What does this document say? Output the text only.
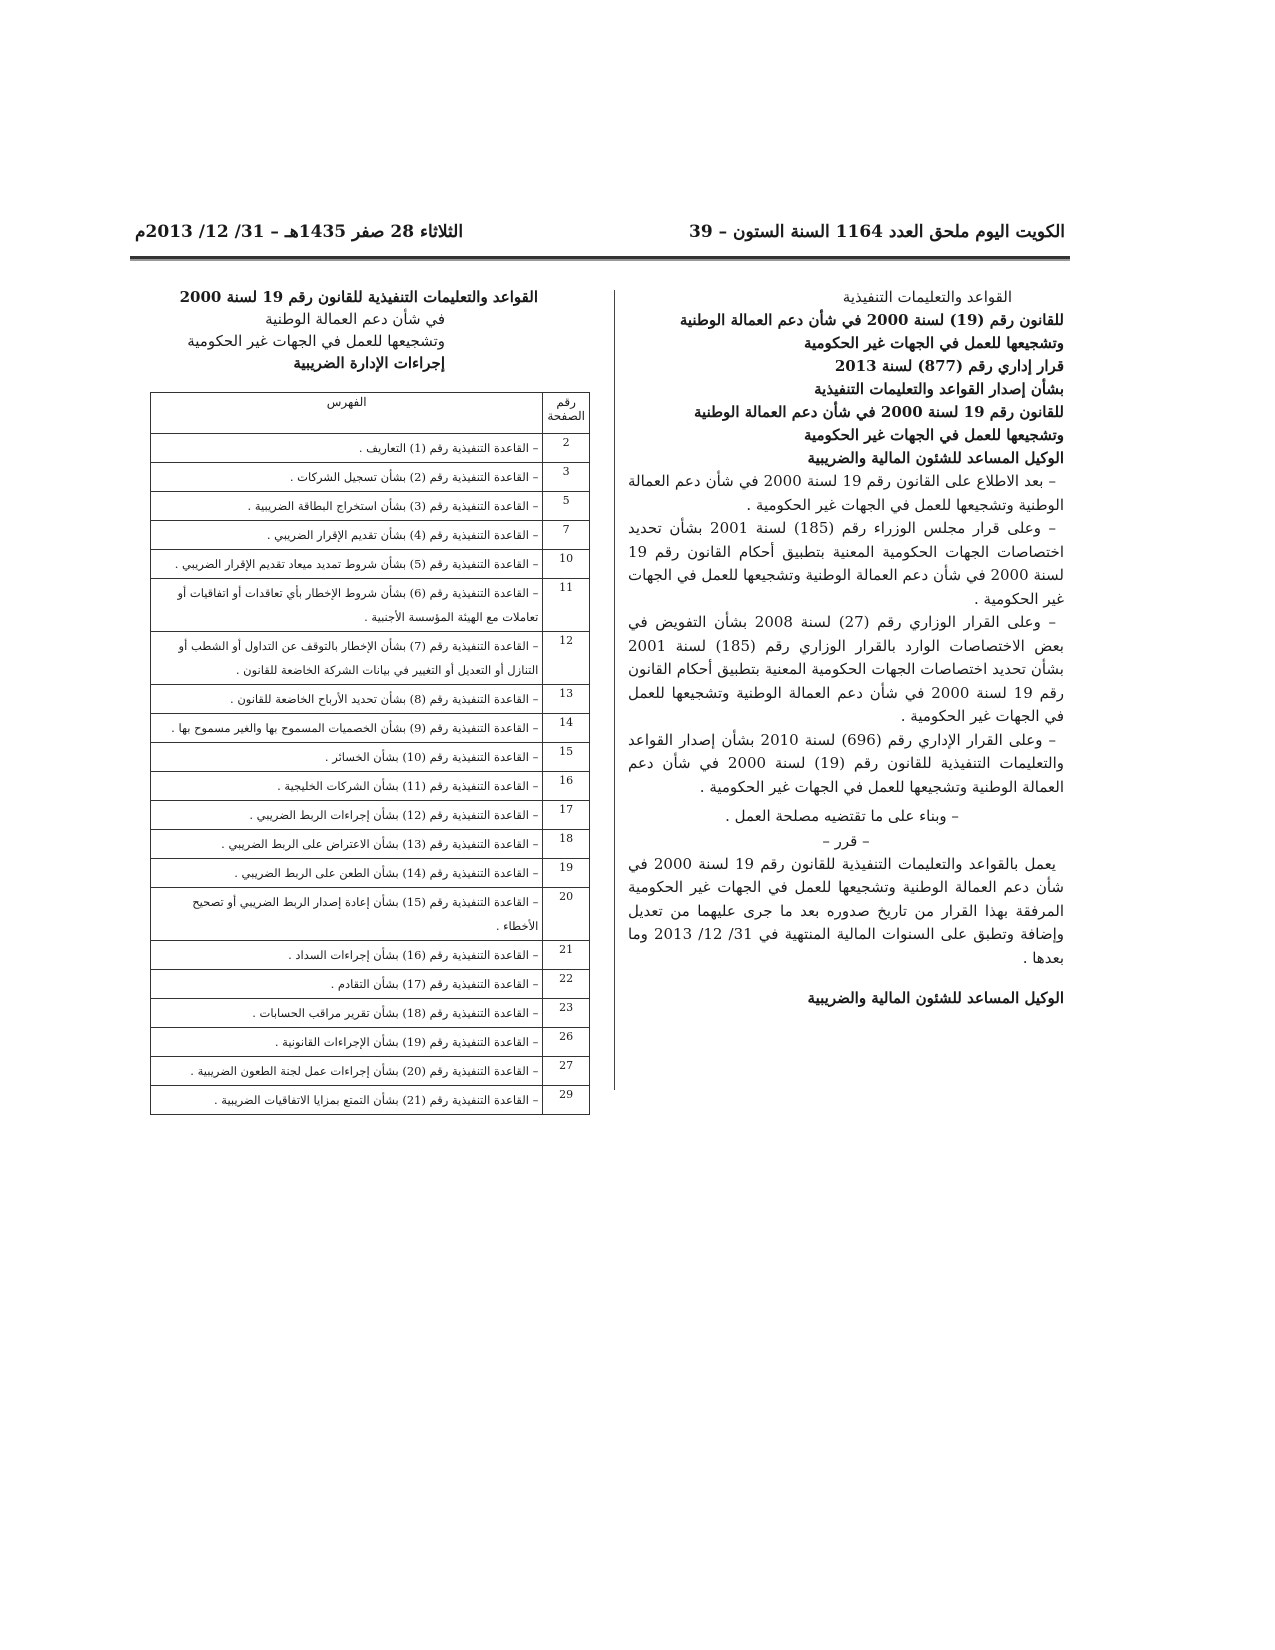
الكويت اليوم ملحق العدد 1164 السنة الستون – 39
الثلاثاء 28 صفر 1435هـ – 31/ 12/ 2013م
القواعد والتعليمات التنفيذية
للقانون رقم (19) لسنة 2000 في شأن دعم العمالة الوطنية
وتشجيعها للعمل في الجهات غير الحكومية
قرار إداري رقم (877) لسنة 2013
بشأن إصدار القواعد والتعليمات التنفيذية
للقانون رقم 19 لسنة 2000 في شأن دعم العمالة الوطنية
وتشجيعها للعمل في الجهات غير الحكومية
الوكيل المساعد للشئون المالية والضريبية

– بعد الاطلاع على القانون رقم 19 لسنة 2000 في شأن دعم العمالة الوطنية وتشجيعها للعمل في الجهات غير الحكومية .

– وعلى قرار مجلس الوزراء رقم (185) لسنة 2001 بشأن تحديد اختصاصات الجهات الحكومية المعنية بتطبيق أحكام القانون رقم 19 لسنة 2000 في شأن دعم العمالة الوطنية وتشجيعها للعمل في الجهات غير الحكومية .

– وعلى القرار الوزاري رقم (27) لسنة 2008 بشأن التفويض في بعض الاختصاصات الوارد بالقرار الوزاري رقم (185) لسنة 2001 بشأن تحديد اختصاصات الجهات الحكومية المعنية بتطبيق أحكام القانون رقم 19 لسنة 2000 في شأن دعم العمالة الوطنية وتشجيعها للعمل في الجهات غير الحكومية .

– وعلى القرار الإداري رقم (696) لسنة 2010 بشأن إصدار القواعد والتعليمات التنفيذية للقانون رقم (19) لسنة 2000 في شأن دعم العمالة الوطنية وتشجيعها للعمل في الجهات غير الحكومية .

– وبناء على ما تقتضيه مصلحة العمل .

– قرر –

يعمل بالقواعد والتعليمات التنفيذية للقانون رقم 19 لسنة 2000 في شأن دعم العمالة الوطنية وتشجيعها للعمل في الجهات غير الحكومية المرفقة بهذا القرار من تاريخ صدوره بعد ما جرى عليهما من تعديل وإضافة وتطبق على السنوات المالية المنتهية في 31/ 12/ 2013 وما بعدها .

الوكيل المساعد للشئون المالية والضريبية
القواعد والتعليمات التنفيذية للقانون رقم 19 لسنة 2000
في شأن دعم العمالة الوطنية
وتشجيعها للعمل في الجهات غير الحكومية
إجراءات الإدارة الضريبية
رقم الصفحة	الفهرس
2	– القاعدة التنفيذية رقم (1) التعاريف .
3	– القاعدة التنفيذية رقم (2) بشأن تسجيل الشركات .
5	– القاعدة التنفيذية رقم (3) بشأن استخراج البطاقة الضريبية .
7	– القاعدة التنفيذية رقم (4) بشأن تقديم الإقرار الضريبي .
10	– القاعدة التنفيذية رقم (5) بشأن شروط تمديد ميعاد تقديم الإقرار الضريبي .
11	– القاعدة التنفيذية رقم (6) بشأن شروط الإخطار بأي تعاقدات أو اتفاقيات أو تعاملات مع الهيئة المؤسسة الأجنبية .
12	– القاعدة التنفيذية رقم (7) بشأن الإخطار بالتوقف عن التداول أو الشطب أو التنازل أو التعديل أو التغيير في بيانات الشركة الخاضعة للقانون .
13	– القاعدة التنفيذية رقم (8) بشأن تحديد الأرباح الخاضعة للقانون .
14	– القاعدة التنفيذية رقم (9) بشأن الخصميات المسموح بها والغير مسموح بها .
15	– القاعدة التنفيذية رقم (10) بشأن الخسائر .
16	– القاعدة التنفيذية رقم (11) بشأن الشركات الخليجية .
17	– القاعدة التنفيذية رقم (12) بشأن إجراءات الربط الضريبي .
18	– القاعدة التنفيذية رقم (13) بشأن الاعتراض على الربط الضريبي .
19	– القاعدة التنفيذية رقم (14) بشأن الطعن على الربط الضريبي .
20	– القاعدة التنفيذية رقم (15) بشأن إعادة إصدار الربط الضريبي أو تصحيح الأخطاء .
21	– القاعدة التنفيذية رقم (16) بشأن إجراءات السداد .
22	– القاعدة التنفيذية رقم (17) بشأن التقادم .
23	– القاعدة التنفيذية رقم (18) بشأن تقرير مراقب الحسابات .
26	– القاعدة التنفيذية رقم (19) بشأن الإجراءات القانونية .
27	– القاعدة التنفيذية رقم (20) بشأن إجراءات عمل لجنة الطعون الضريبية .
29	– القاعدة التنفيذية رقم (21) بشأن التمتع بمزايا الاتفاقيات الضريبية .
